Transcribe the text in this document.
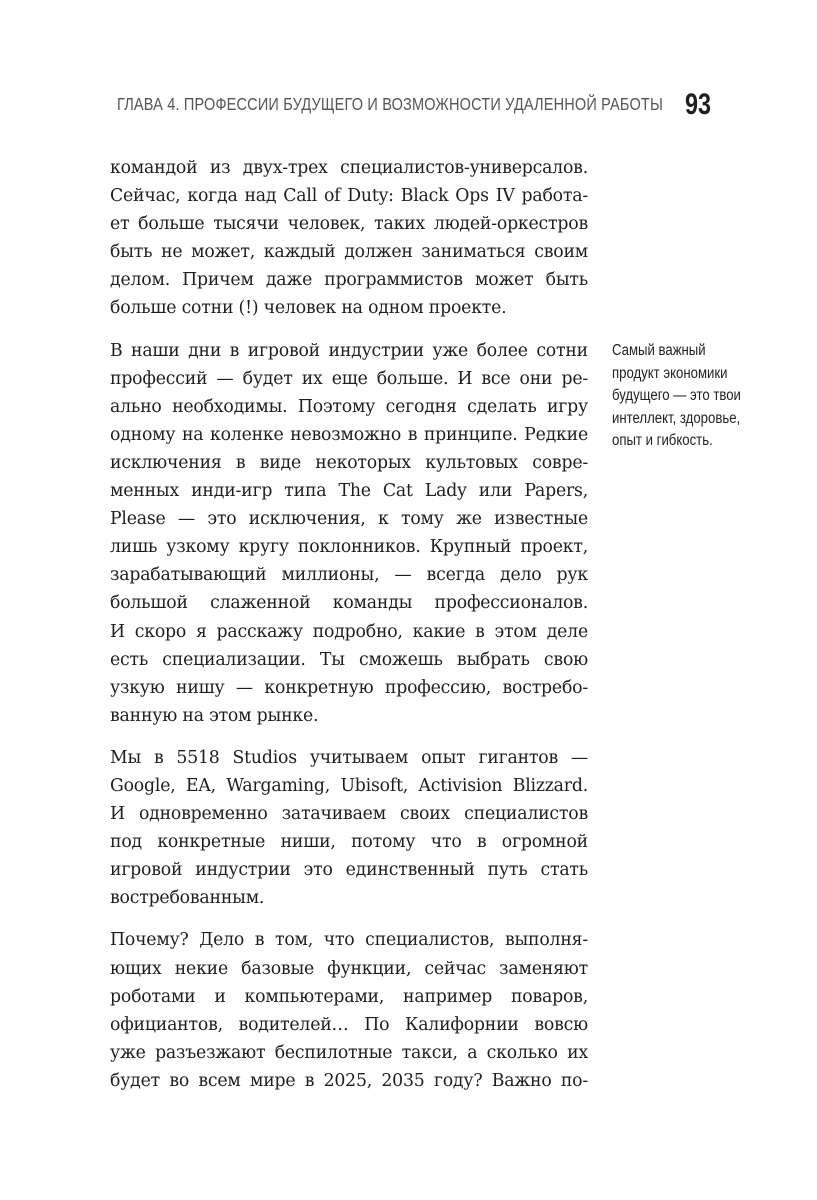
ГЛАВА 4. ПРОФЕССИИ БУДУЩЕГО И ВОЗМОЖНОСТИ УДАЛЕННОЙ РАБОТЫ 93
командой из двух-трех специалистов-универсалов.
Сейчас, когда над Call of Duty: Black Ops IV работа-
ет больше тысячи человек, таких людей-оркестров
быть не может, каждый должен заниматься своим
делом. Причем даже программистов может быть
больше сотни (!) человек на одном проекте.
В наши дни в игровой индустрии уже более сотни
профессий — будет их еще больше. И все они ре-
ально необходимы. Поэтому сегодня сделать игру
одному на коленке невозможно в принципе. Редкие
исключения в виде некоторых культовых совре-
менных инди-игр типа The Cat Lady или Papers,
Please — это исключения, к тому же известные
лишь узкому кругу поклонников. Крупный проект,
зарабатывающий миллионы, — всегда дело рук
большой слаженной команды профессионалов.
И скоро я расскажу подробно, какие в этом деле
есть специализации. Ты сможешь выбрать свою
узкую нишу — конкретную профессию, востребо-
ванную на этом рынке.
Мы в 5518 Studios учитываем опыт гигантов —
Google, EA, Wargaming, Ubisoft, Activision Blizzard.
И одновременно затачиваем своих специалистов
под конкретные ниши, потому что в огромной
игровой индустрии это единственный путь стать
востребованным.
Почему? Дело в том, что специалистов, выполня-
ющих некие базовые функции, сейчас заменяют
роботами и компьютерами, например поваров,
официантов, водителей… По Калифорнии вовсю
уже разъезжают беспилотные такси, а сколько их
будет во всем мире в 2025, 2035 году? Важно по-
Самый важный
продукт экономики
будущего — это твои
интеллект, здоровье,
опыт и гибкость.
